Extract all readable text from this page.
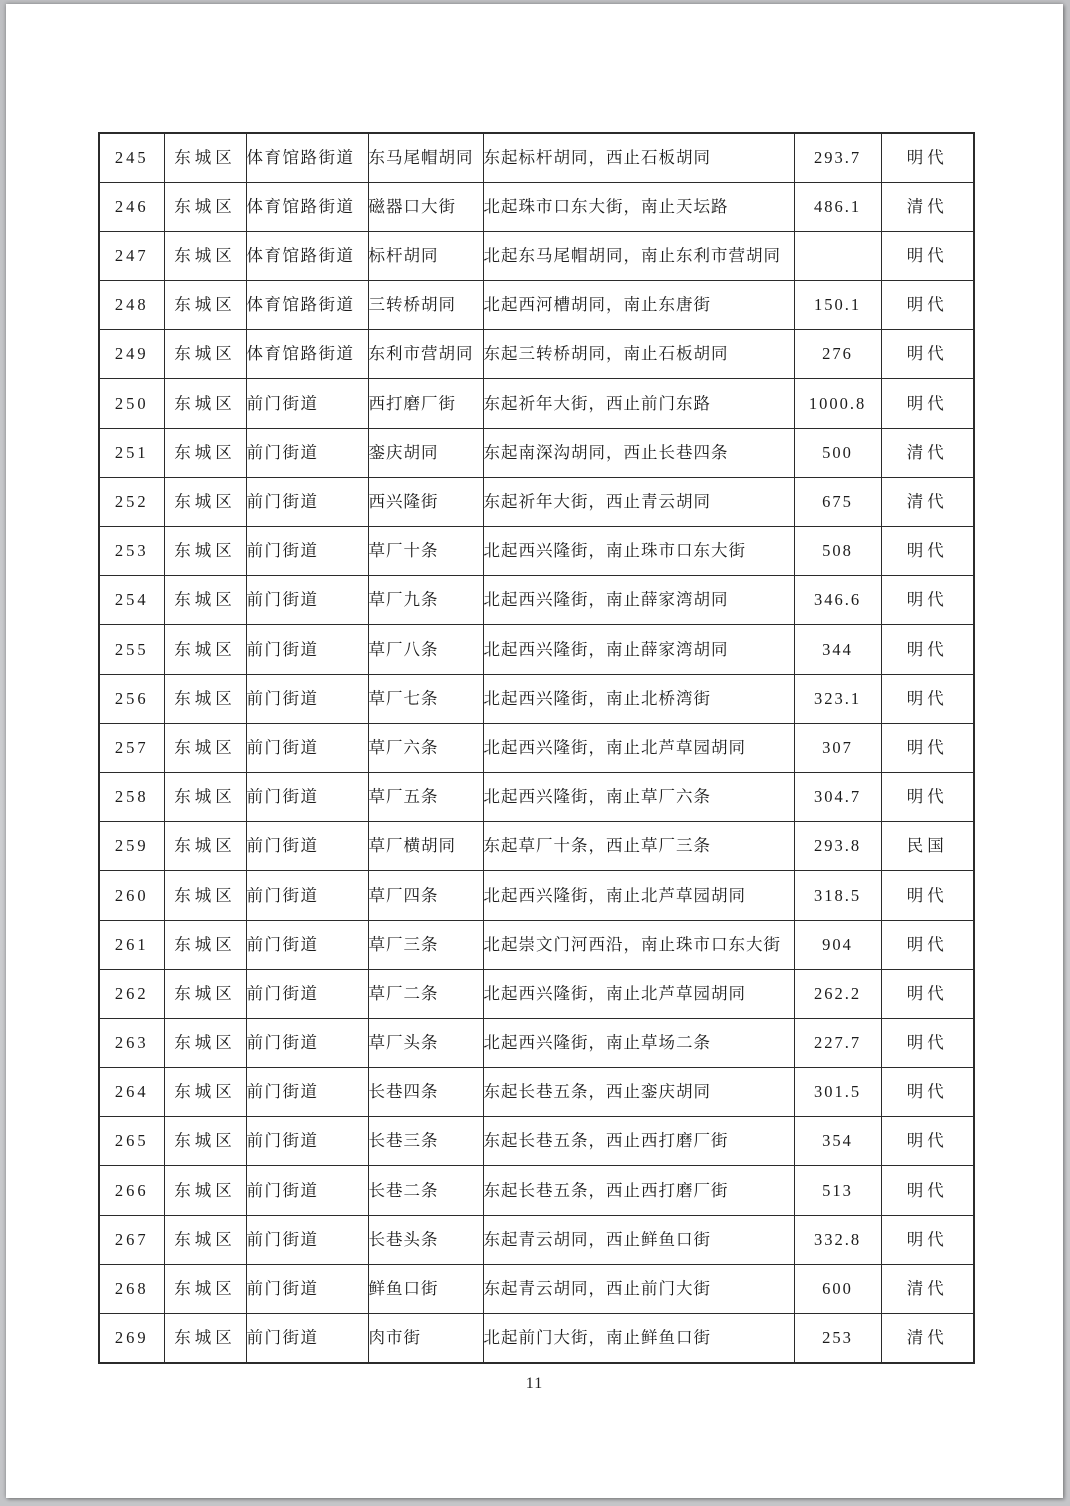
245	东城区	体育馆路街道	东马尾帽胡同	东起标杆胡同，西止石板胡同	293.7	明代
246	东城区	体育馆路街道	磁器口大街	北起珠市口东大街，南止天坛路	486.1	清代
247	东城区	体育馆路街道	标杆胡同	北起东马尾帽胡同，南止东利市营胡同		明代
248	东城区	体育馆路街道	三转桥胡同	北起西河槽胡同，南止东唐街	150.1	明代
249	东城区	体育馆路街道	东利市营胡同	东起三转桥胡同，南止石板胡同	276	明代
250	东城区	前门街道	西打磨厂街	东起祈年大街，西止前门东路	1000.8	明代
251	东城区	前门街道	銮庆胡同	东起南深沟胡同，西止长巷四条	500	清代
252	东城区	前门街道	西兴隆街	东起祈年大街，西止青云胡同	675	清代
253	东城区	前门街道	草厂十条	北起西兴隆街，南止珠市口东大街	508	明代
254	东城区	前门街道	草厂九条	北起西兴隆街，南止薛家湾胡同	346.6	明代
255	东城区	前门街道	草厂八条	北起西兴隆街，南止薛家湾胡同	344	明代
256	东城区	前门街道	草厂七条	北起西兴隆街，南止北桥湾街	323.1	明代
257	东城区	前门街道	草厂六条	北起西兴隆街，南止北芦草园胡同	307	明代
258	东城区	前门街道	草厂五条	北起西兴隆街，南止草厂六条	304.7	明代
259	东城区	前门街道	草厂横胡同	东起草厂十条，西止草厂三条	293.8	民国
260	东城区	前门街道	草厂四条	北起西兴隆街，南止北芦草园胡同	318.5	明代
261	东城区	前门街道	草厂三条	北起崇文门河西沿，南止珠市口东大街	904	明代
262	东城区	前门街道	草厂二条	北起西兴隆街，南止北芦草园胡同	262.2	明代
263	东城区	前门街道	草厂头条	北起西兴隆街，南止草场二条	227.7	明代
264	东城区	前门街道	长巷四条	东起长巷五条，西止銮庆胡同	301.5	明代
265	东城区	前门街道	长巷三条	东起长巷五条，西止西打磨厂街	354	明代
266	东城区	前门街道	长巷二条	东起长巷五条，西止西打磨厂街	513	明代
267	东城区	前门街道	长巷头条	东起青云胡同，西止鲜鱼口街	332.8	明代
268	东城区	前门街道	鲜鱼口街	东起青云胡同，西止前门大街	600	清代
269	东城区	前门街道	肉市街	北起前门大街，南止鲜鱼口街	253	清代
11
